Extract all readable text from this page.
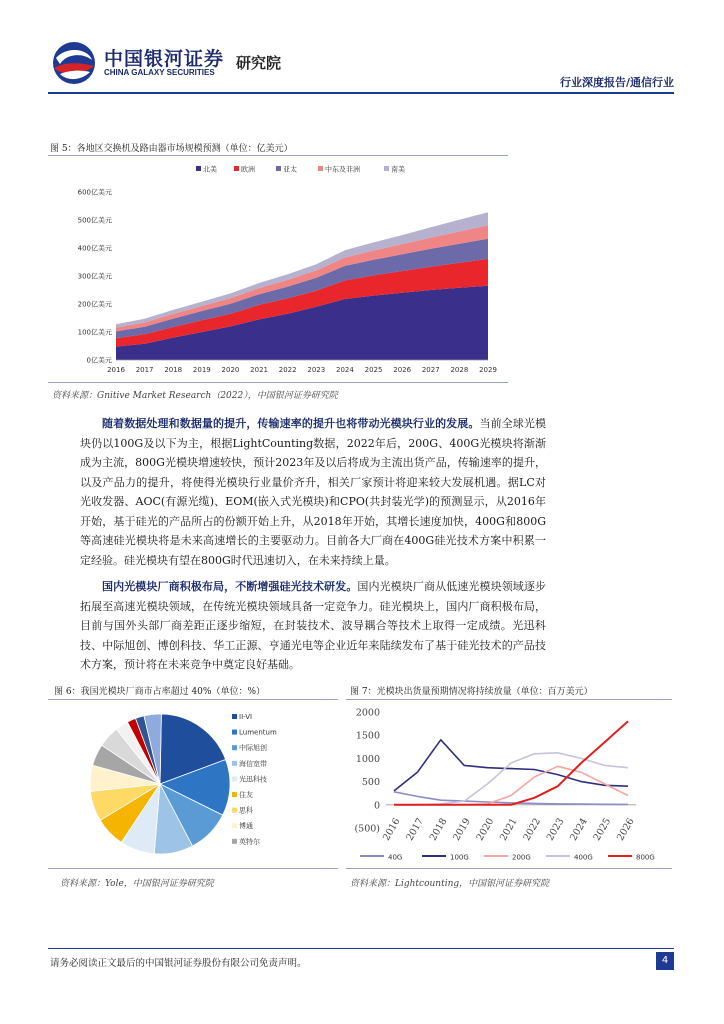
中国银河证券
CHINA GALAXY SECURITIES
研究院
行业深度报告/通信行业
图 5：各地区交换机及路由器市场规模预测（单位：亿美元）
北美	欧洲	亚太	中东及非洲	南美
0亿美元
100亿美元
200亿美元
300亿美元
400亿美元
500亿美元
600亿美元
2016 2017 2018 2019 2020 2021 2022 2023 2024 2025 2026 2027 2028 2029
资料来源：Gnitive Market Research（2022），中国银河证券研究院
随着数据处理和数据量的提升，传输速率的提升也将带动光模块行业的发展。当前全球光模块仍以100G及以下为主，根据LightCounting数据，2022年后，200G、400G光模块将渐渐成为主流，800G光模块增速较快，预计2023年及以后将成为主流出货产品，传输速率的提升，以及产品力的提升，将使得光模块行业量价齐升，相关厂家预计将迎来较大发展机遇。据LC对光收发器、AOC(有源光缆)、EOM(嵌入式光模块)和CPO(共封装光学)的预测显示，从2016年开始，基于硅光的产品所占的份额开始上升，从2018年开始，其增长速度加快，400G和800G等高速硅光模块将是未来高速增长的主要驱动力。目前各大厂商在400G硅光技术方案中积累一定经验。硅光模块有望在800G时代迅速切入，在未来持续上量。
国内光模块厂商积极布局，不断增强硅光技术研发。国内光模块厂商从低速光模块领域逐步拓展至高速光模块领域，在传统光模块领域具备一定竞争力。硅光模块上，国内厂商积极布局，目前与国外头部厂商差距正逐步缩短，在封装技术、波导耦合等技术上取得一定成绩。光迅科技、中际旭创、博创科技、华工正源、亨通光电等企业近年来陆续发布了基于硅光技术的产品技术方案，预计将在未来竞争中奠定良好基础。
图 6：我国光模块厂商市占率超过 40%（单位：%）
II-VI
Lumentum
中际旭创
海信宽带
光迅科技
住友
思科
博通
英特尔
资料来源：Yole，中国银河证券研究院
图 7：光模块出货量预期情况将持续放量（单位：百万美元）
(500)
0
500
1000
1500
2000
2016 2017 2018 2019 2020 2021 2022 2023 2024 2025 2026
40G	100G	200G	400G	800G
资料来源：Lightcounting，中国银河证券研究院
请务必阅读正文最后的中国银河证券股份有限公司免责声明。	4
